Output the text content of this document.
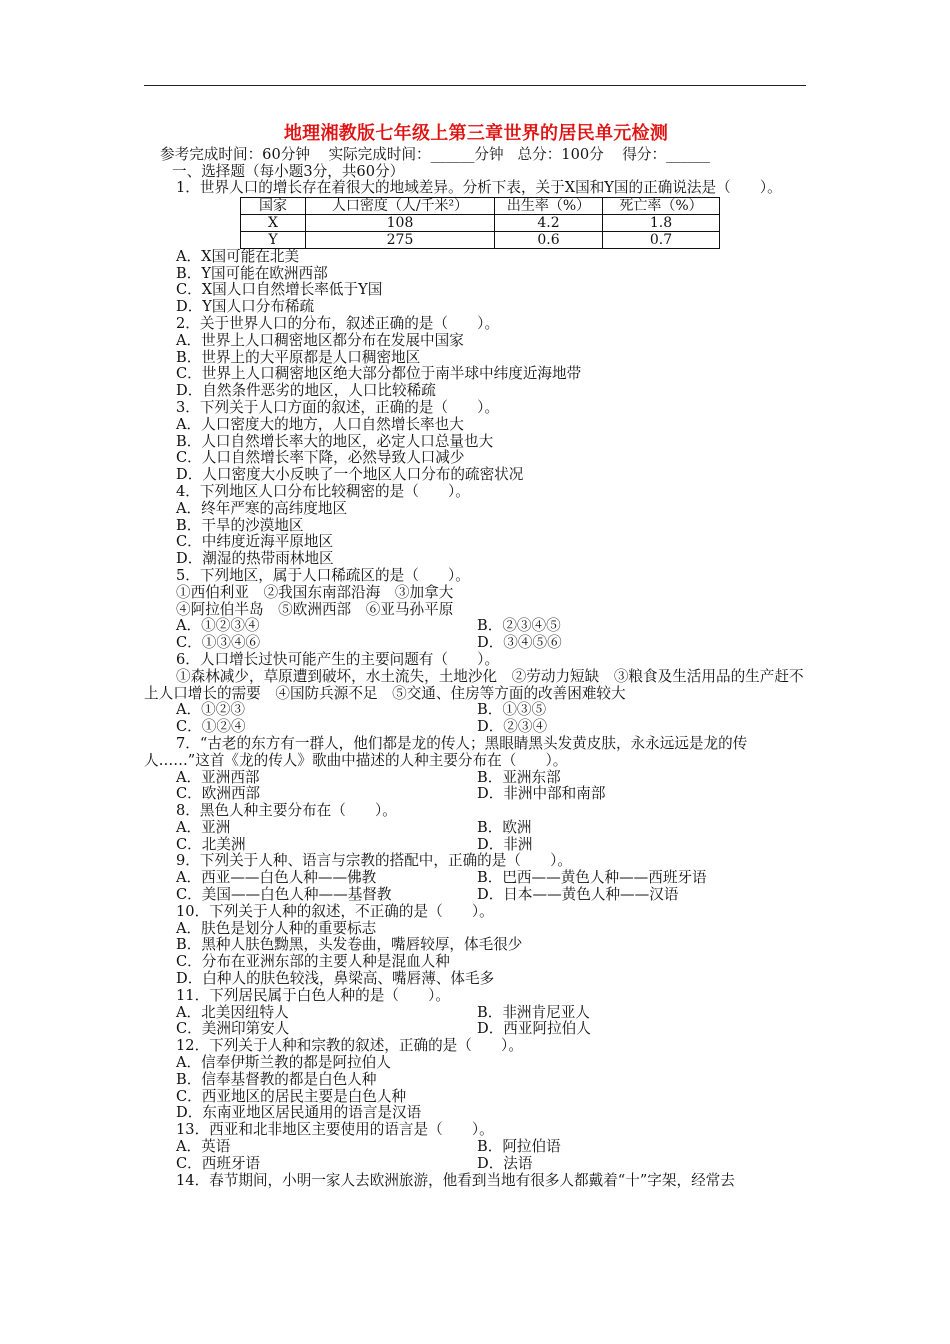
地理湘教版七年级上第三章世界的居民单元检测
参考完成时间：60分钟    实际完成时间：______分钟   总分：100分    得分：______
一、选择题（每小题3分，共60分）
1．世界人口的增长存在着很大的地域差异。分析下表，关于X国和Y国的正确说法是（　　）。
国家	人口密度（人/千米²）	出生率（%）	死亡率（%）
X	108	4.2	1.8
Y	275	0.6	0.7
A．X国可能在北美
B．Y国可能在欧洲西部
C．X国人口自然增长率低于Y国
D．Y国人口分布稀疏
2．关于世界人口的分布，叙述正确的是（　　）。
A．世界上人口稠密地区都分布在发展中国家
B．世界上的大平原都是人口稠密地区
C．世界上人口稠密地区绝大部分都位于南半球中纬度近海地带
D．自然条件恶劣的地区，人口比较稀疏
3．下列关于人口方面的叙述，正确的是（　　）。
A．人口密度大的地方，人口自然增长率也大
B．人口自然增长率大的地区，必定人口总量也大
C．人口自然增长率下降，必然导致人口减少
D．人口密度大小反映了一个地区人口分布的疏密状况
4．下列地区人口分布比较稠密的是（　　）。
A．终年严寒的高纬度地区
B．干旱的沙漠地区
C．中纬度近海平原地区
D．潮湿的热带雨林地区
5．下列地区，属于人口稀疏区的是（　　）。
①西伯利亚　②我国东南部沿海　③加拿大
④阿拉伯半岛　⑤欧洲西部　⑥亚马孙平原
A．①②③④	B．②③④⑤
C．①③④⑥	D．③④⑤⑥
6．人口增长过快可能产生的主要问题有（　　）。
①森林减少，草原遭到破坏，水土流失，土地沙化　②劳动力短缺　③粮食及生活用品的生产赶不上人口增长的需要　④国防兵源不足　⑤交通、住房等方面的改善困难较大
A．①②③	B．①③⑤
C．①②④	D．②③④
7．“古老的东方有一群人，他们都是龙的传人；黑眼睛黑头发黄皮肤，永永远远是龙的传人……”这首《龙的传人》歌曲中描述的人种主要分布在（　　）。
A．亚洲西部	B．亚洲东部
C．欧洲西部	D．非洲中部和南部
8．黑色人种主要分布在（　　）。
A．亚洲	B．欧洲
C．北美洲	D．非洲
9．下列关于人种、语言与宗教的搭配中，正确的是（　　）。
A．西亚——白色人种——佛教	B．巴西——黄色人种——西班牙语
C．美国——白色人种——基督教	D．日本——黄色人种——汉语
10．下列关于人种的叙述，不正确的是（　　）。
A．肤色是划分人种的重要标志
B．黑种人肤色黝黑，头发卷曲，嘴唇较厚，体毛很少
C．分布在亚洲东部的主要人种是混血人种
D．白种人的肤色较浅，鼻梁高、嘴唇薄、体毛多
11．下列居民属于白色人种的是（　　）。
A．北美因纽特人	B．非洲肯尼亚人
C．美洲印第安人	D．西亚阿拉伯人
12．下列关于人种和宗教的叙述，正确的是（　　）。
A．信奉伊斯兰教的都是阿拉伯人
B．信奉基督教的都是白色人种
C．西亚地区的居民主要是白色人种
D．东南亚地区居民通用的语言是汉语
13．西亚和北非地区主要使用的语言是（　　）。
A．英语	B．阿拉伯语
C．西班牙语	D．法语
14．春节期间，小明一家人去欧洲旅游，他看到当地有很多人都戴着“十”字架，经常去
